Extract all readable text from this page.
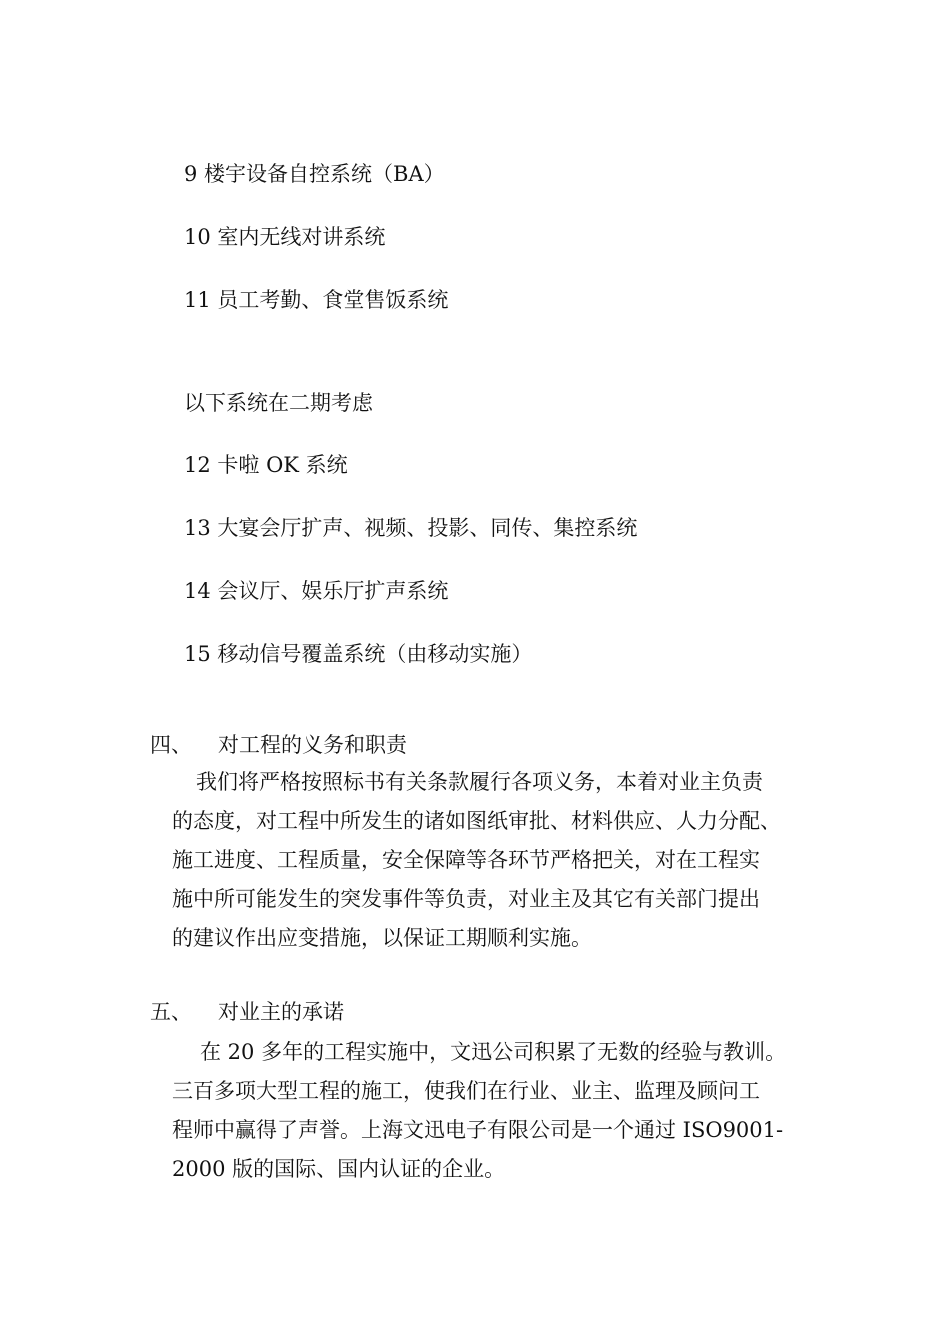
9 楼宇设备自控系统（BA）
10 室内无线对讲系统
11 员工考勤、食堂售饭系统
以下系统在二期考虑
12 卡啦 OK 系统
13 大宴会厅扩声、视频、投影、同传、集控系统
14 会议厅、娱乐厅扩声系统
15 移动信号覆盖系统（由移动实施）
四、 对工程的义务和职责
我们将严格按照标书有关条款履行各项义务，本着对业主负责
的态度，对工程中所发生的诸如图纸审批、材料供应、人力分配、
施工进度、工程质量，安全保障等各环节严格把关，对在工程实
施中所可能发生的突发事件等负责，对业主及其它有关部门提出
的建议作出应变措施，以保证工期顺利实施。
五、 对业主的承诺
在 20 多年的工程实施中，文迅公司积累了无数的经验与教训。
三百多项大型工程的施工，使我们在行业、业主、监理及顾问工
程师中赢得了声誉。上海文迅电子有限公司是一个通过 ISO9001-
2000 版的国际、国内认证的企业。
